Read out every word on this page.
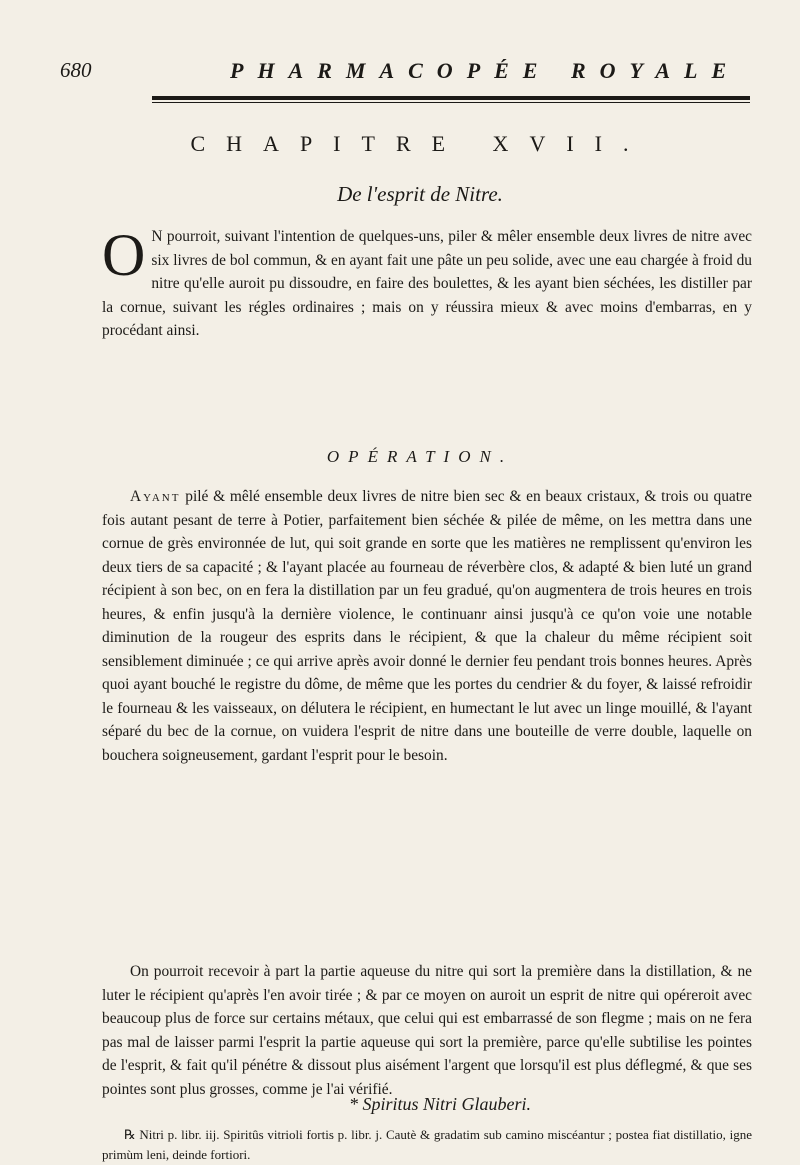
680	PHARMACOPÉE ROYALE
CHAPITRE XVII.
De l'esprit de Nitre.
O N pourroit, suivant l'intention de quelques-uns, piler & mêler ensemble deux livres de nitre avec six livres de bol commun, & en ayant fait une pâte un peu solide, avec une eau chargée à froid du nitre qu'elle auroit pu dissoudre, en faire des boulettes, & les ayant bien séchées, les distiller par la cornue, suivant les régles ordinaires ; mais on y réussira mieux & avec moins d'embarras, en y procédant ainsi.
OPÉRATION.
Ayant pilé & mêlé ensemble deux livres de nitre bien sec & en beaux cristaux, & trois ou quatre fois autant pesant de terre à Potier, parfaitement bien séchée & pilée de même, on les mettra dans une cornue de grès environnée de lut, qui soit grande en sorte que les matières ne remplissent qu'environ les deux tiers de sa capacité ; & l'ayant placée au fourneau de réverbère clos, & adapté & bien luté un grand récipient à son bec, on en fera la distillation par un feu gradué, qu'on augmentera de trois heures en trois heures, & enfin jusqu'à la dernière violence, le continuanr ainsi jusqu'à ce qu'on voie une notable diminution de la rougeur des esprits dans le récipient, & que la chaleur du même récipient soit sensiblement diminuée ; ce qui arrive après avoir donné le dernier feu pendant trois bonnes heures. Après quoi ayant bouché le registre du dôme, de même que les portes du cendrier & du foyer, & laissé refroidir le fourneau & les vaisseaux, on délutera le récipient, en humectant le lut avec un linge mouillé, & l'ayant séparé du bec de la cornue, on vuidera l'esprit de nitre dans une bouteille de verre double, laquelle on bouchera soigneusement, gardant l'esprit pour le besoin.
On pourroit recevoir à part la partie aqueuse du nitre qui sort la première dans la distillation, & ne luter le récipient qu'après l'en avoir tirée ; & par ce moyen on auroit un esprit de nitre qui opéreroit avec beaucoup plus de force sur certains métaux, que celui qui est embarrassé de son flegme ; mais on ne fera pas mal de laisser parmi l'esprit la partie aqueuse qui sort la première, parce qu'elle subtilise les pointes de l'esprit, & fait qu'il pénétre & dissout plus aisément l'argent que lorsqu'il est plus déflegmé, & que ses pointes sont plus grosses, comme je l'ai vérifié.
* Spiritus Nitri Glauberi.
℞ Nitri p. libr. iij. Spiritûs vitrioli fortis p. libr. j. Cautè & gradatim sub camino miscéantur ; postea fiat distillatio, igne primùm leni, deinde fortiori.
